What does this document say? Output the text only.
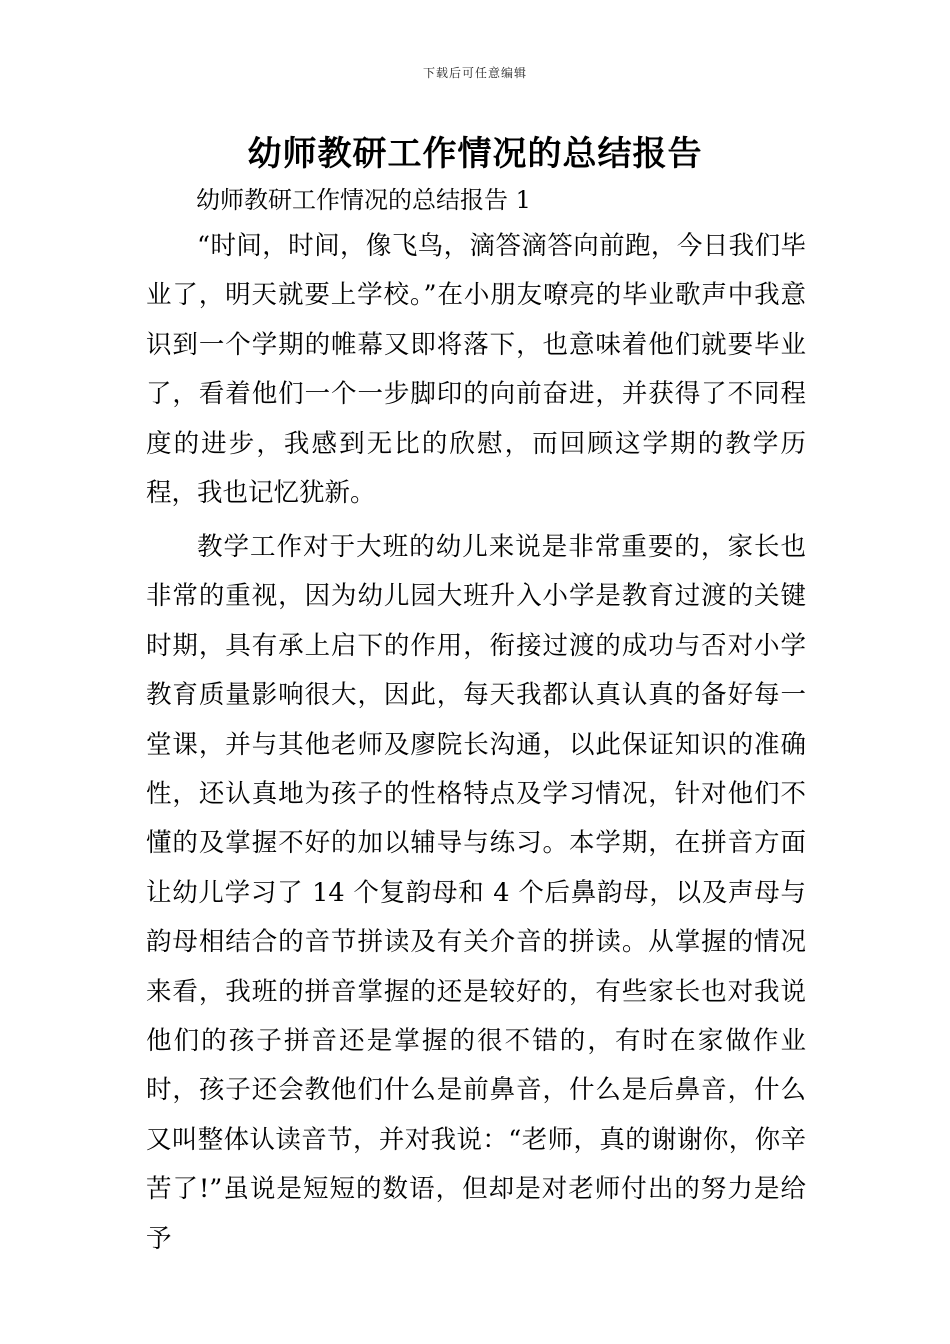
下载后可任意编辑
幼师教研工作情况的总结报告

幼师教研工作情况的总结报告 1

“时间，时间，像飞鸟，滴答滴答向前跑，今日我们毕业了，明天就要上学校。”在小朋友嘹亮的毕业歌声中我意识到一个学期的帷幕又即将落下，也意味着他们就要毕业了，看着他们一个一步脚印的向前奋进，并获得了不同程度的进步，我感到无比的欣慰，而回顾这学期的教学历程，我也记忆犹新。

教学工作对于大班的幼儿来说是非常重要的，家长也非常的重视，因为幼儿园大班升入小学是教育过渡的关键时期，具有承上启下的作用，衔接过渡的成功与否对小学教育质量影响很大，因此，每天我都认真认真的备好每一堂课，并与其他老师及廖院长沟通，以此保证知识的准确性，还认真地为孩子的性格特点及学习情况，针对他们不懂的及掌握不好的加以辅导与练习。本学期，在拼音方面让幼儿学习了 14 个复韵母和 4 个后鼻韵母，以及声母与韵母相结合的音节拼读及有关介音的拼读。从掌握的情况来看，我班的拼音掌握的还是较好的，有些家长也对我说他们的孩子拼音还是掌握的很不错的，有时在家做作业时，孩子还会教他们什么是前鼻音，什么是后鼻音，什么又叫整体认读音节，并对我说：“老师，真的谢谢你，你辛苦了!”虽说是短短的数语，但却是对老师付出的努力是给予
